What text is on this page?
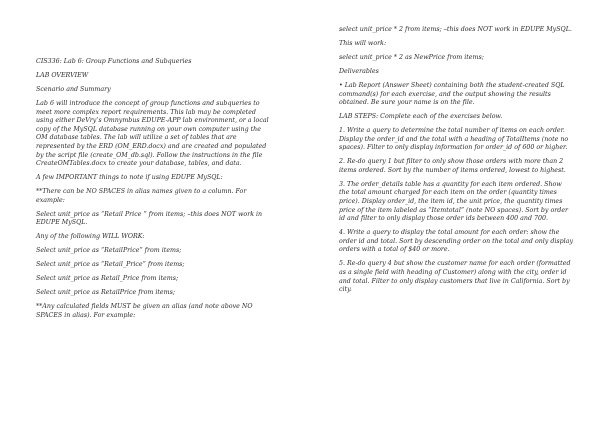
CIS336: Lab 6: Group Functions and Subqueries

LAB OVERVIEW

Scenario and Summary

Lab 6 will introduce the concept of group functions and subqueries to meet more complex report requirements. This lab may be completed using either DeVry’s Omnymbus EDUPE-APP lab environment, or a local copy of the MySQL database running on your own computer using the OM database tables. The lab will utilize a set of tables that are represented by the ERD (OM_ERD.docx) and are created and populated by the script file (create_OM_db.sql). Follow the instructions in the file CreateOMTables.docx to create your database, tables, and data.

A few IMPORTANT things to note if using EDUPE MySQL:

**There can be NO SPACES in alias names given to a column. For example:

Select unit_price as “Retail Price ” from items; –this does NOT work in EDUPE MySQL.

Any of the following WILL WORK:

Select unit_price as “RetailPrice” from items;

Select unit_price as “Retail_Price” from items;

Select unit_price as Retail_Price from items;

Select unit_price as RetailPrice from items;

**Any calculated fields MUST be given an alias (and note above NO SPACES in alias). For example:

select unit_price * 2 from items; –this does NOT work in EDUPE MySQL.

This will work:

select unit_price * 2 as NewPrice from items;

Deliverables

• Lab Report (Answer Sheet) containing both the student-created SQL command(s) for each exercise, and the output showing the results obtained. Be sure your name is on the file.

LAB STEPS: Complete each of the exercises below.

1. Write a query to determine the total number of items on each order. Display the order_id and the total with a heading of TotalItems (note no spaces). Filter to only display information for order_id of 600 or higher.

2. Re-do query 1 but filter to only show those orders with more than 2 items ordered. Sort by the number of items ordered, lowest to highest.

3. The order_details table has a quantity for each item ordered. Show the total amount charged for each item on the order (quantity times price). Display order_id, the item id, the unit price, the quantity times price of the item labeled as “Itemtotal” (note NO spaces). Sort by order id and filter to only display those order ids between 400 and 700.

4. Write a query to display the total amount for each order: show the order id and total. Sort by descending order on the total and only display orders with a total of $40 or more.

5. Re-do query 4 but show the customer name for each order (formatted as a single field with heading of Customer) along with the city, order id and total. Filter to only display customers that live in California. Sort by city.
